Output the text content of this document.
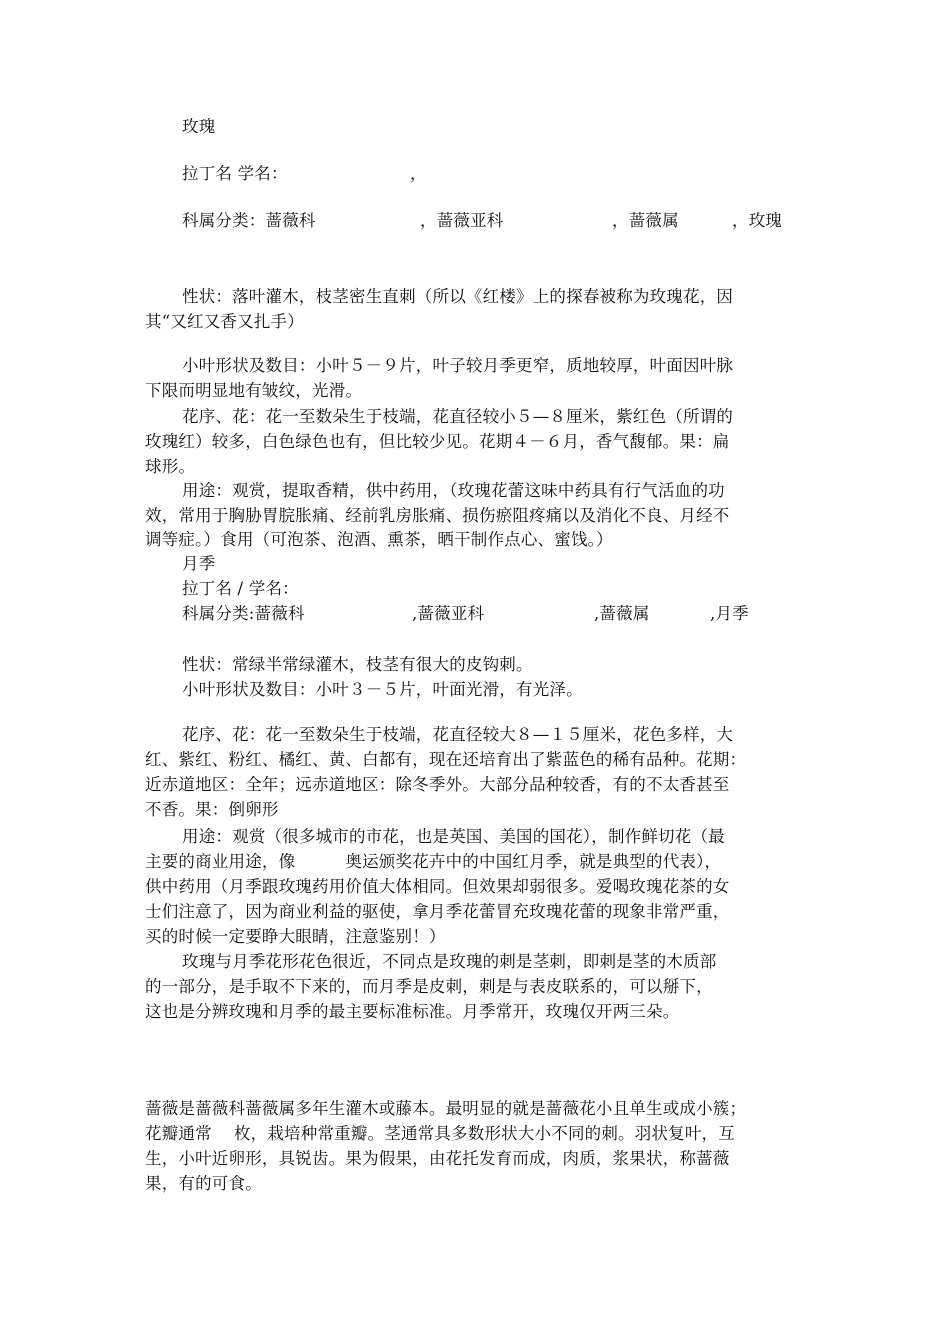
玫瑰
拉丁名 学名：	，
科属分类：蔷薇科	，蔷薇亚科	，蔷薇属	，玫瑰
性状：落叶灌木，枝茎密生直刺（所以《红楼》上的探春被称为玫瑰花，因
其“又红又香又扎手）
小叶形状及数目：小叶５－９片，叶子较月季更窄，质地较厚，叶面因叶脉
下限而明显地有皱纹，光滑。
花序、花：花一至数朵生于枝端，花直径较小５—８厘米，紫红色（所谓的
玫瑰红）较多，白色绿色也有，但比较少见。花期４－６月，香气馥郁。果：扁
球形。
用途：观赏，提取香精，供中药用，（玫瑰花蕾这味中药具有行气活血的功
效，常用于胸胁胃脘胀痛、经前乳房胀痛、损伤瘀阻疼痛以及消化不良、月经不
调等症。）食用（可泡茶、泡酒、熏茶，晒干制作点心、蜜饯。）
月季
拉丁名 / 学名：
科属分类:蔷薇科	,蔷薇亚科	,蔷薇属	,月季
性状：常绿半常绿灌木，枝茎有很大的皮钩刺。
小叶形状及数目：小叶３－５片，叶面光滑，有光泽。
花序、花：花一至数朵生于枝端，花直径较大８—１５厘米，花色多样，大
红、紫红、粉红、橘红、黄、白都有，现在还培育出了紫蓝色的稀有品种。花期：
近赤道地区：全年；远赤道地区：除冬季外。大部分品种较香，有的不太香甚至
不香。果：倒卵形
用途：观赏（很多城市的市花，也是英国、美国的国花），制作鲜切花（最
主要的商业用途，像　　　奥运颁奖花卉中的中国红月季，就是典型的代表），
供中药用（月季跟玫瑰药用价值大体相同。但效果却弱很多。爱喝玫瑰花茶的女
士们注意了，因为商业利益的驱使，拿月季花蕾冒充玫瑰花蕾的现象非常严重，
买的时候一定要睁大眼睛，注意鉴别！）
玫瑰与月季花形花色很近，不同点是玫瑰的刺是茎刺，即刺是茎的木质部
的一部分，是手取不下来的，而月季是皮刺，刺是与表皮联系的，可以掰下，
这也是分辨玫瑰和月季的最主要标准标准。月季常开，玫瑰仅开两三朵。
蔷薇是蔷薇科蔷薇属多年生灌木或藤本。最明显的就是蔷薇花小且单生或成小簇；
花瓣通常　 枚，栽培种常重瓣。茎通常具多数形状大小不同的刺。羽状复叶，互
生，小叶近卵形，具锐齿。果为假果，由花托发育而成，肉质，浆果状，称蔷薇
果，有的可食。
